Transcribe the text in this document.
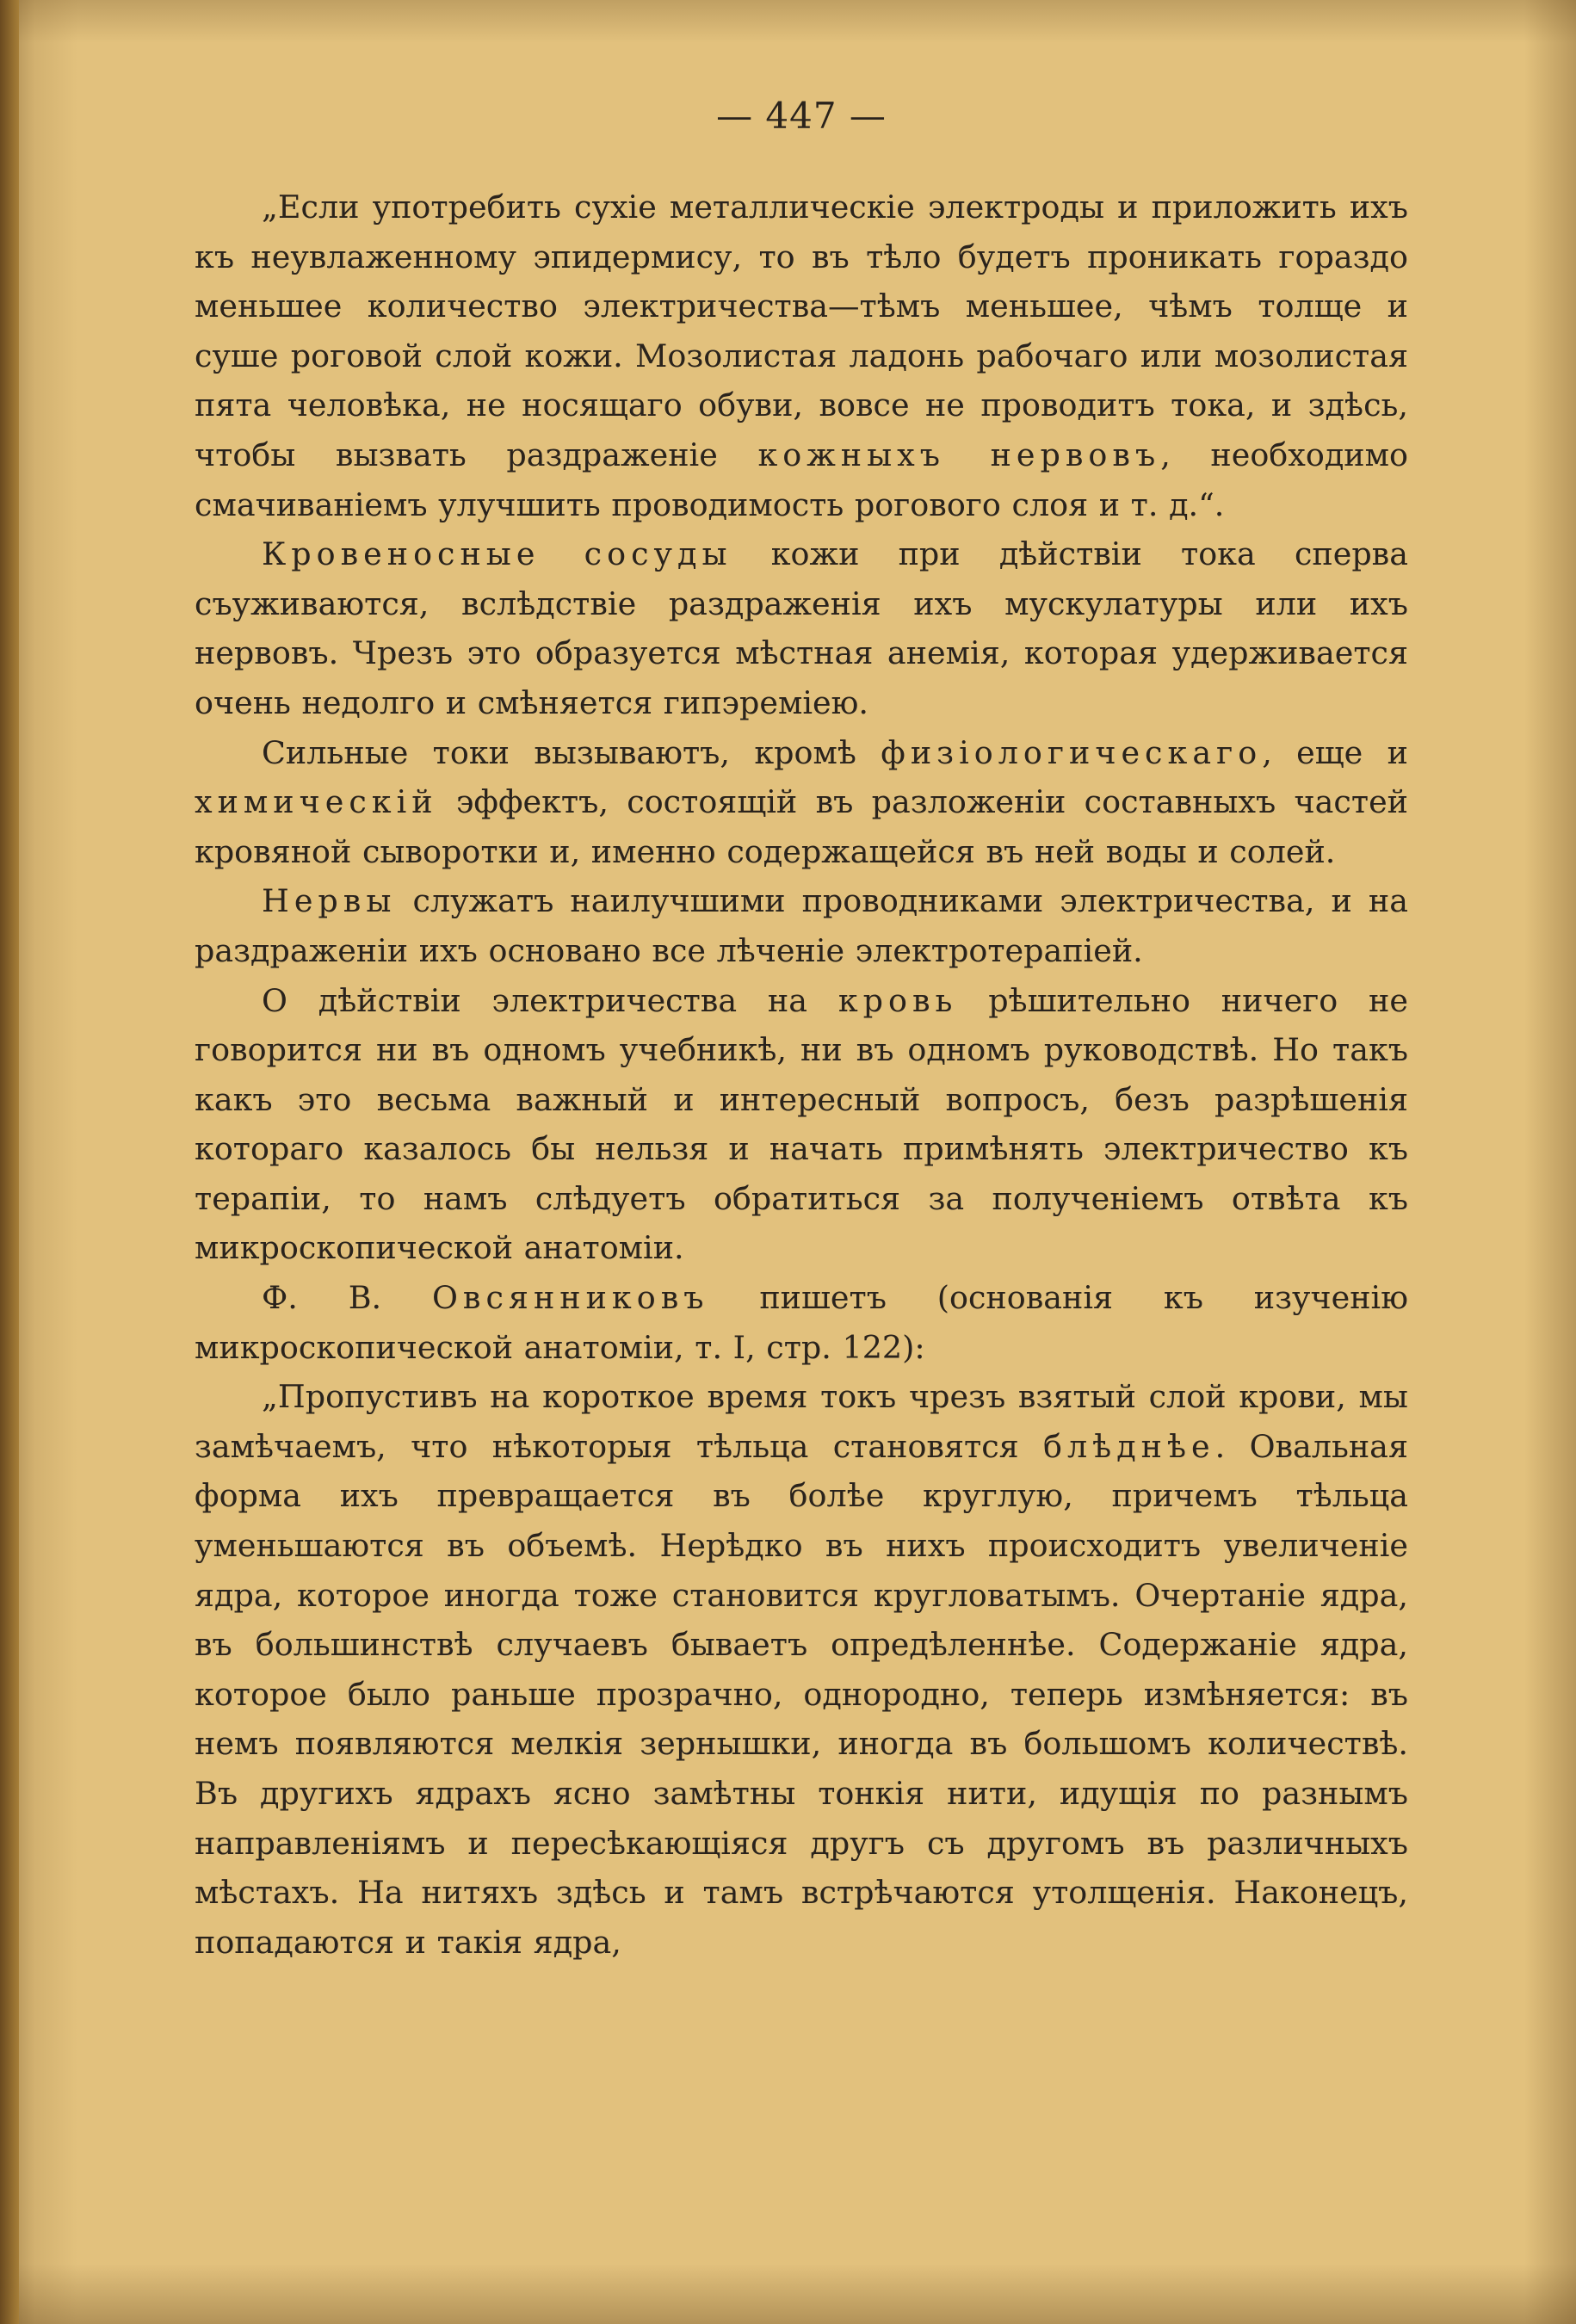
— 447 —

„Если употребить сухіе металлическіе электроды и приложить ихъ къ неувлаженному эпидермису, то въ тѣло будетъ проникать гораздо меньшее количество электричества—тѣмъ меньшее, чѣмъ толще и суше роговой слой кожи. Мозолистая ладонь рабочаго или мозолистая пята человѣка, не носящаго обуви, вовсе не проводитъ тока, и здѣсь, чтобы вызвать раздраженіе кожныхъ нервовъ, необходимо смачиваніемъ улучшить проводимость рогового слоя и т. д.“.

Кровеносные сосуды кожи при дѣйствіи тока сперва съуживаются, вслѣдствіе раздраженія ихъ мускулатуры или ихъ нервовъ. Чрезъ это образуется мѣстная анемія, которая удерживается очень недолго и смѣняется гипэреміею.

Сильные токи вызываютъ, кромѣ физіологическаго, еще и химическій эффектъ, состоящій въ разложеніи составныхъ частей кровяной сыворотки и, именно содержащейся въ ней воды и солей.

Нервы служатъ наилучшими проводниками электричества, и на раздраженіи ихъ основано все лѣченіе электротерапіей.

О дѣйствіи электричества на кровь рѣшительно ничего не говорится ни въ одномъ учебникѣ, ни въ одномъ руководствѣ. Но такъ какъ это весьма важный и интересный вопросъ, безъ разрѣшенія котораго казалось бы нельзя и начать примѣнять электричество къ терапіи, то намъ слѣдуетъ обратиться за полученіемъ отвѣта къ микроскопической анатоміи.

Ф. В. Овсянниковъ пишетъ (основанія къ изученію микроскопической анатоміи, т. I, стр. 122):

„Пропустивъ на короткое время токъ чрезъ взятый слой крови, мы замѣчаемъ, что нѣкоторыя тѣльца становятся блѣднѣе. Овальная форма ихъ превращается въ болѣе круглую, причемъ тѣльца уменьшаются въ объемѣ. Нерѣдко въ нихъ происходитъ увеличеніе ядра, которое иногда тоже становится кругловатымъ. Очертаніе ядра, въ большинствѣ случаевъ бываетъ опредѣленнѣе. Содержаніе ядра, которое было раньше прозрачно, однородно, теперь измѣняется: въ немъ появляются мелкія зернышки, иногда въ большомъ количествѣ. Въ другихъ ядрахъ ясно замѣтны тонкія нити, идущія по разнымъ направленіямъ и пересѣкающіяся другъ съ другомъ въ различныхъ мѣстахъ. На нитяхъ здѣсь и тамъ встрѣчаются утолщенія. Наконецъ, попадаются и такія ядра,
